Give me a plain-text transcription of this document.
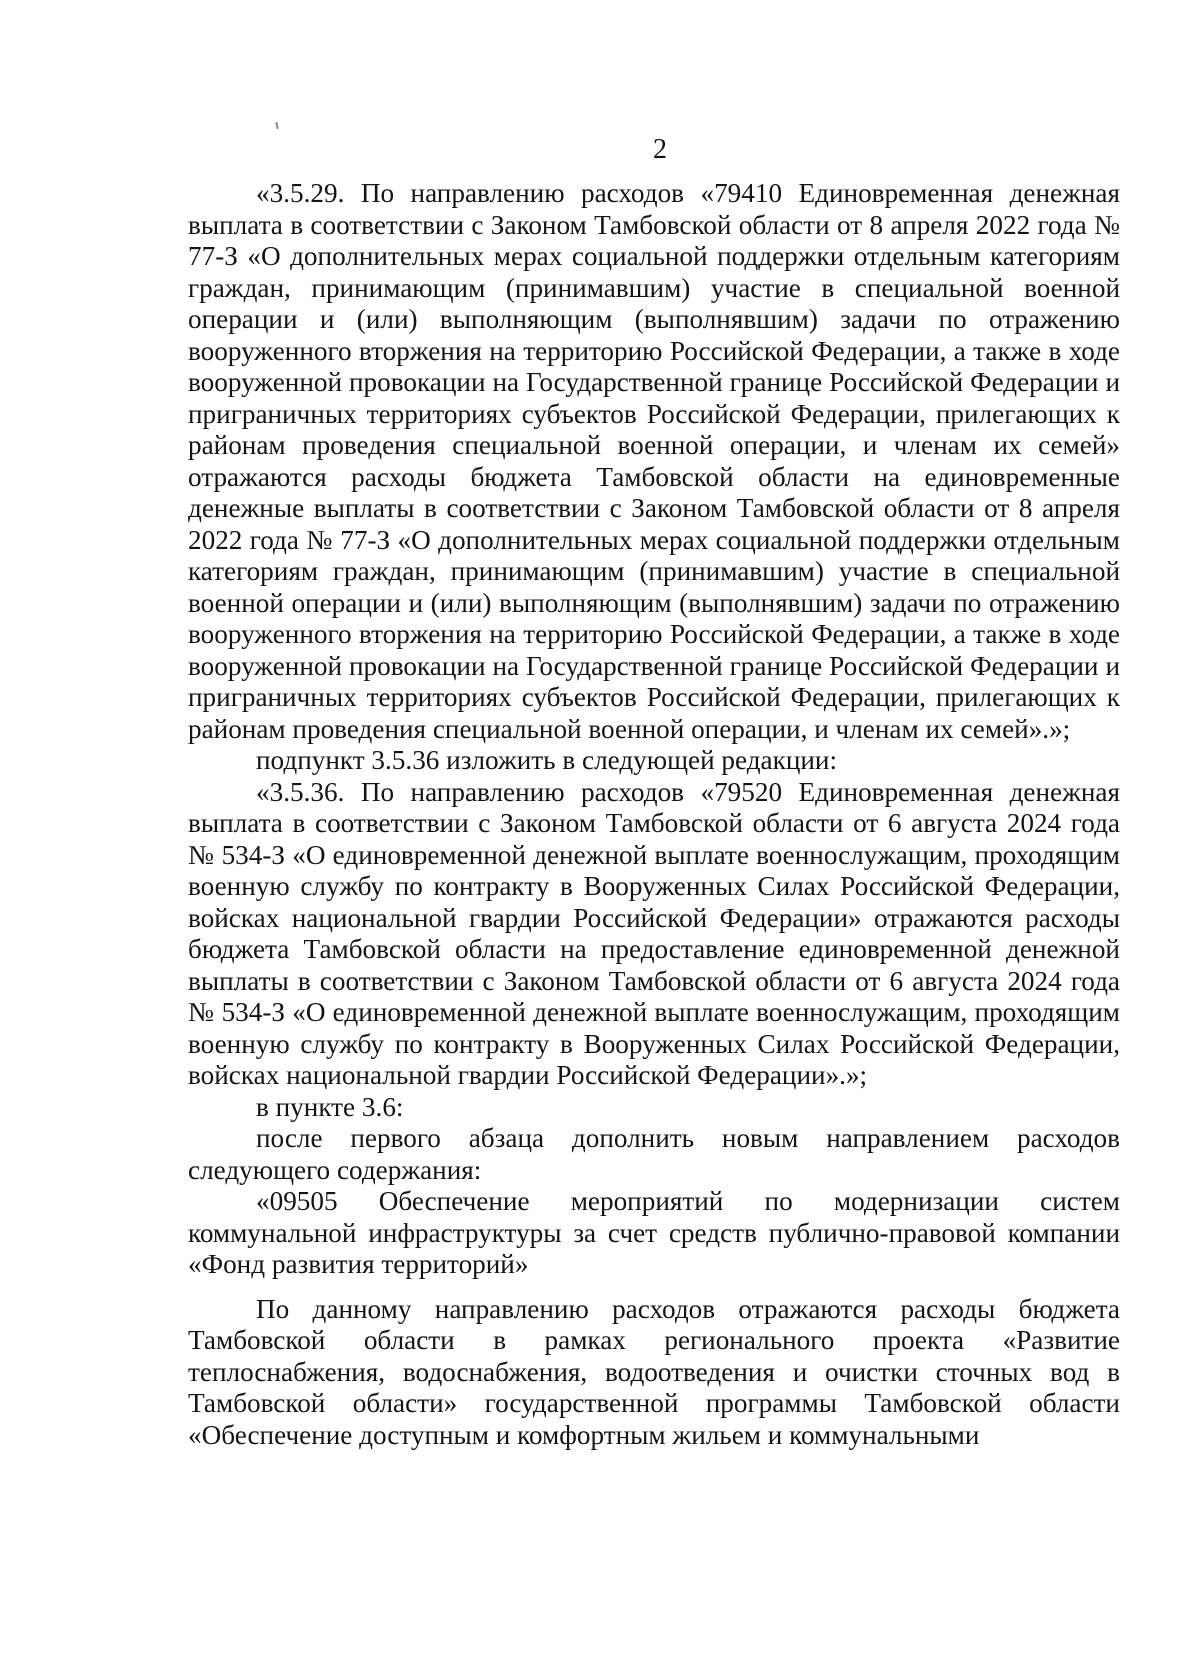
2

«3.5.29. По направлению расходов «79410 Единовременная денежная выплата в соответствии с Законом Тамбовской области от 8 апреля 2022 года № 77-З «О дополнительных мерах социальной поддержки отдельным категориям граждан, принимающим (принимавшим) участие в специальной военной операции и (или) выполняющим (выполнявшим) задачи по отражению вооруженного вторжения на территорию Российской Федерации, а также в ходе вооруженной провокации на Государственной границе Российской Федерации и приграничных территориях субъектов Российской Федерации, прилегающих к районам проведения специальной военной операции, и членам их семей» отражаются расходы бюджета Тамбовской области на единовременные денежные выплаты в соответствии с Законом Тамбовской области от 8 апреля 2022 года № 77-З «О дополнительных мерах социальной поддержки отдельным категориям граждан, принимающим (принимавшим) участие в специальной военной операции и (или) выполняющим (выполнявшим) задачи по отражению вооруженного вторжения на территорию Российской Федерации, а также в ходе вооруженной провокации на Государственной границе Российской Федерации и приграничных территориях субъектов Российской Федерации, прилегающих к районам проведения специальной военной операции, и членам их семей».»;

подпункт 3.5.36 изложить в следующей редакции:

«3.5.36. По направлению расходов «79520 Единовременная денежная выплата в соответствии с Законом Тамбовской области от 6 августа 2024 года № 534-З «О единовременной денежной выплате военнослужащим, проходящим военную службу по контракту в Вооруженных Силах Российской Федерации, войсках национальной гвардии Российской Федерации» отражаются расходы бюджета Тамбовской области на предоставление единовременной денежной выплаты в соответствии с Законом Тамбовской области от 6 августа 2024 года № 534-З «О единовременной денежной выплате военнослужащим, проходящим военную службу по контракту в Вооруженных Силах Российской Федерации, войсках национальной гвардии Российской Федерации».»;

в пункте 3.6:

после первого абзаца дополнить новым направлением расходов следующего содержания:

«09505 Обеспечение мероприятий по модернизации систем коммунальной инфраструктуры за счет средств публично-правовой компании «Фонд развития территорий»

По данному направлению расходов отражаются расходы бюджета Тамбовской области в рамках регионального проекта «Развитие теплоснабжения, водоснабжения, водоотведения и очистки сточных вод в Тамбовской области» государственной программы Тамбовской области «Обеспечение доступным и комфортным жильем и коммунальными
